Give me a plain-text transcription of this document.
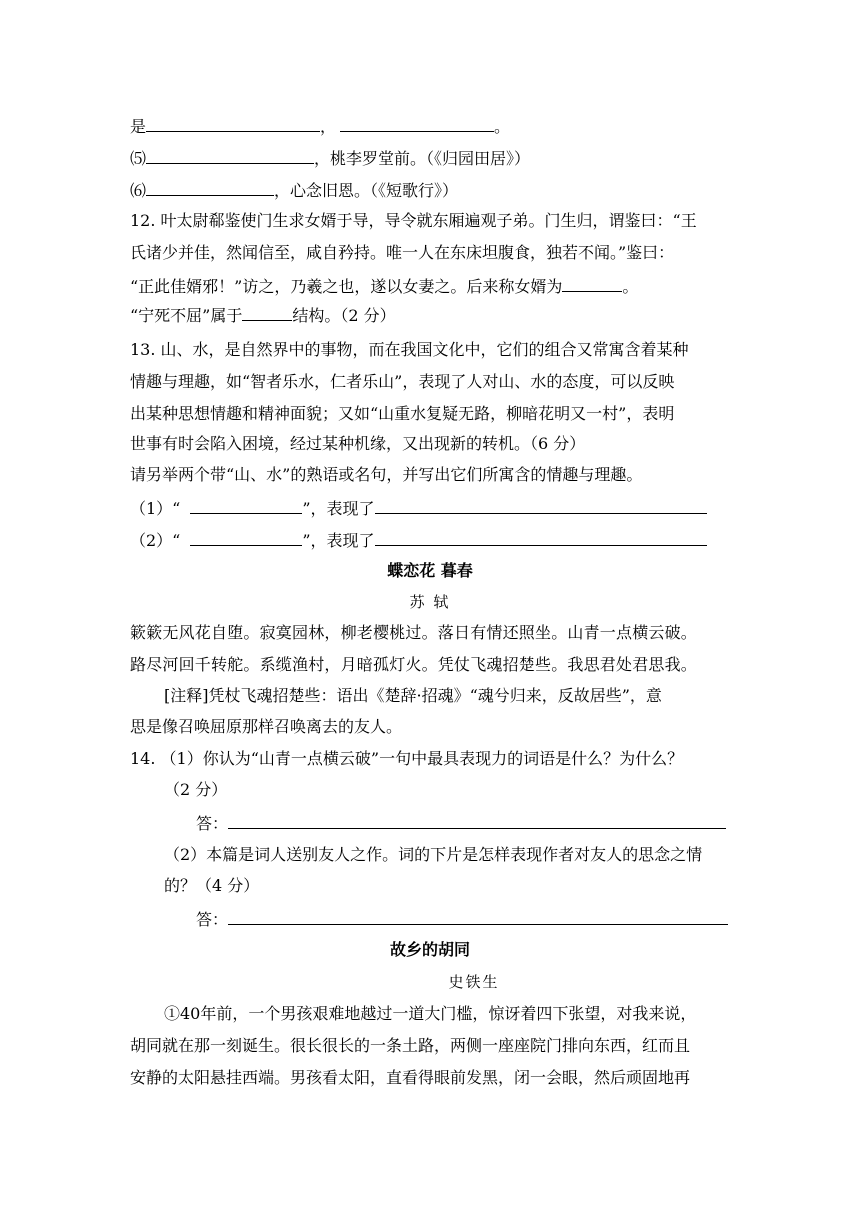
是	，	。
⑸	，桃李罗堂前。（《归园田居》）
⑹	，心念旧恩。（《短歌行》）
12. 叶太尉郗鉴使门生求女婿于导，导令就东厢遍观子弟。门生归，谓鉴曰：“王
氏诸少并佳，然闻信至，咸自矜持。唯一人在东床坦腹食，独若不闻。”鉴曰：
“正此佳婿邪！”访之，乃羲之也，遂以女妻之。后来称女婿为	。
“宁死不屈”属于	结构。（2 分）
13. 山、水，是自然界中的事物，而在我国文化中，它们的组合又常寓含着某种
情趣与理趣，如“智者乐水，仁者乐山”，表现了人对山、水的态度，可以反映
出某种思想情趣和精神面貌；又如“山重水复疑无路，柳暗花明又一村”，表明
世事有时会陷入困境，经过某种机缘，又出现新的转机。（6 分）
请另举两个带“山、水”的熟语或名句，并写出它们所寓含的情趣与理趣。
（1）“	”，表现了
（2）“	”，表现了
蝶恋花 暮春
苏 轼
簌簌无风花自堕。寂寞园林，柳老樱桃过。落日有情还照坐。山青一点横云破。
路尽河回千转舵。系缆渔村，月暗孤灯火。凭仗飞魂招楚些。我思君处君思我。
[注释]凭杖飞魂招楚些：语出《楚辞·招魂》“魂兮归来，反故居些”，意
思是像召唤屈原那样召唤离去的友人。
14. （1）你认为“山青一点横云破”一句中最具表现力的词语是什么？为什么？
（2 分）
答：
（2）本篇是词人送别友人之作。词的下片是怎样表现作者对友人的思念之情
的？（4 分）
答：
故乡的胡同
史铁生
①40年前，一个男孩艰难地越过一道大门槛，惊讶着四下张望，对我来说，
胡同就在那一刻诞生。很长很长的一条土路，两侧一座座院门排向东西，红而且
安静的太阳悬挂西端。男孩看太阳，直看得眼前发黑，闭一会眼，然后顽固地再
